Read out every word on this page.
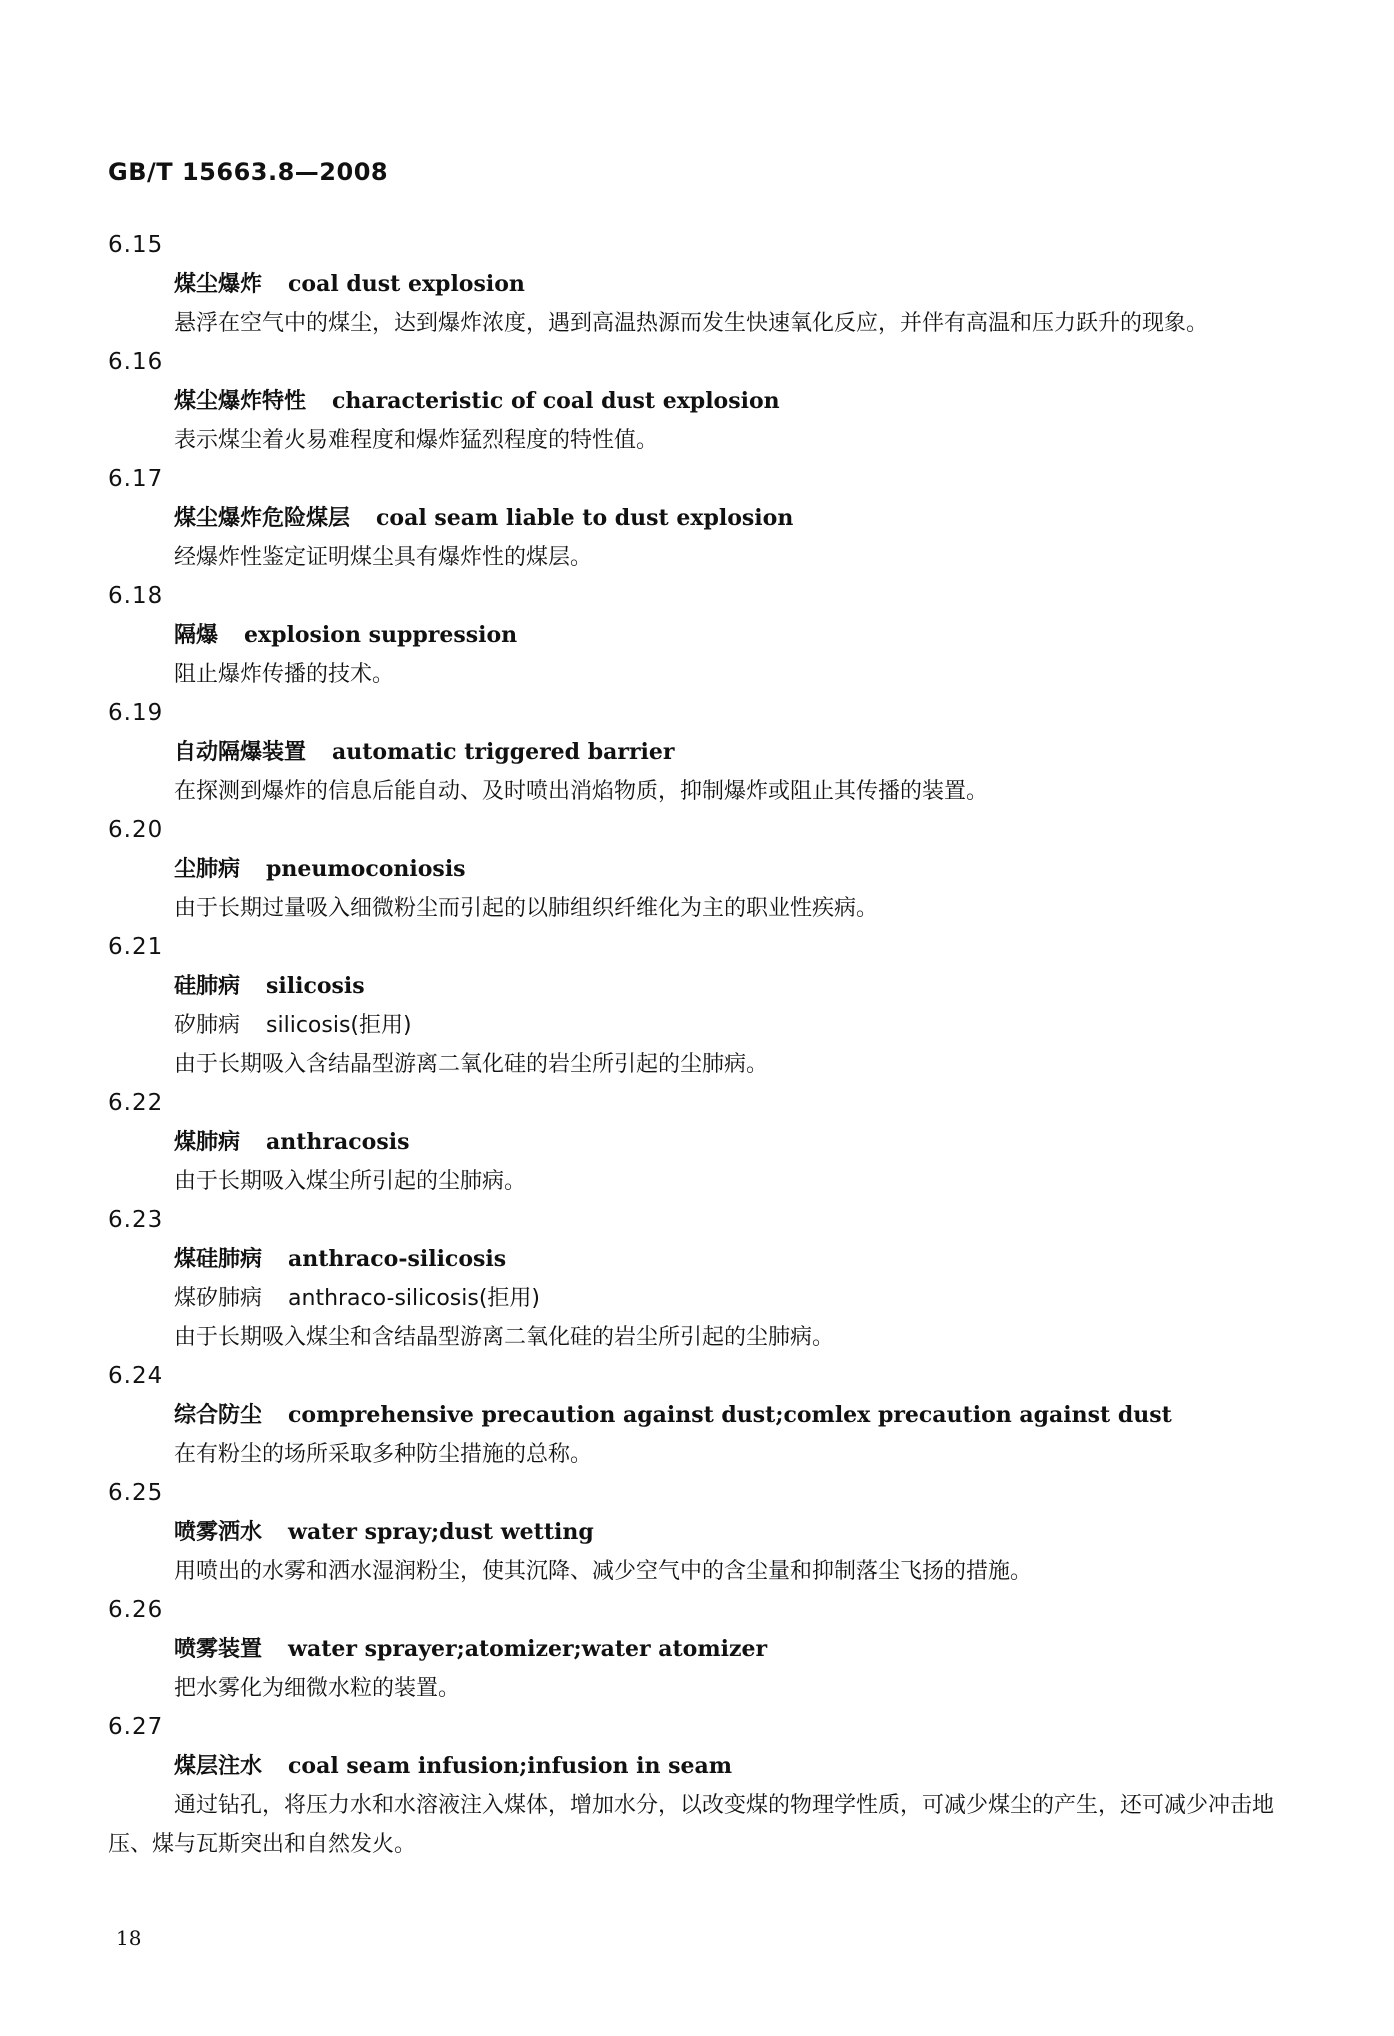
GB/T 15663.8—2008
6.15
煤尘爆炸 coal dust explosion
悬浮在空气中的煤尘，达到爆炸浓度，遇到高温热源而发生快速氧化反应，并伴有高温和压力跃升的现象。
6.16
煤尘爆炸特性 characteristic of coal dust explosion
表示煤尘着火易难程度和爆炸猛烈程度的特性值。
6.17
煤尘爆炸危险煤层 coal seam liable to dust explosion
经爆炸性鉴定证明煤尘具有爆炸性的煤层。
6.18
隔爆 explosion suppression
阻止爆炸传播的技术。
6.19
自动隔爆装置 automatic triggered barrier
在探测到爆炸的信息后能自动、及时喷出消焰物质，抑制爆炸或阻止其传播的装置。
6.20
尘肺病 pneumoconiosis
由于长期过量吸入细微粉尘而引起的以肺组织纤维化为主的职业性疾病。
6.21
硅肺病 silicosis
矽肺病 silicosis(拒用)
由于长期吸入含结晶型游离二氧化硅的岩尘所引起的尘肺病。
6.22
煤肺病 anthracosis
由于长期吸入煤尘所引起的尘肺病。
6.23
煤硅肺病 anthraco-silicosis
煤矽肺病 anthraco-silicosis(拒用)
由于长期吸入煤尘和含结晶型游离二氧化硅的岩尘所引起的尘肺病。
6.24
综合防尘 comprehensive precaution against dust;comlex precaution against dust
在有粉尘的场所采取多种防尘措施的总称。
6.25
喷雾洒水 water spray;dust wetting
用喷出的水雾和洒水湿润粉尘，使其沉降、减少空气中的含尘量和抑制落尘飞扬的措施。
6.26
喷雾装置 water sprayer;atomizer;water atomizer
把水雾化为细微水粒的装置。
6.27
煤层注水 coal seam infusion;infusion in seam
通过钻孔，将压力水和水溶液注入煤体，增加水分，以改变煤的物理学性质，可减少煤尘的产生，还可减少冲击地压、煤与瓦斯突出和自然发火。
18
